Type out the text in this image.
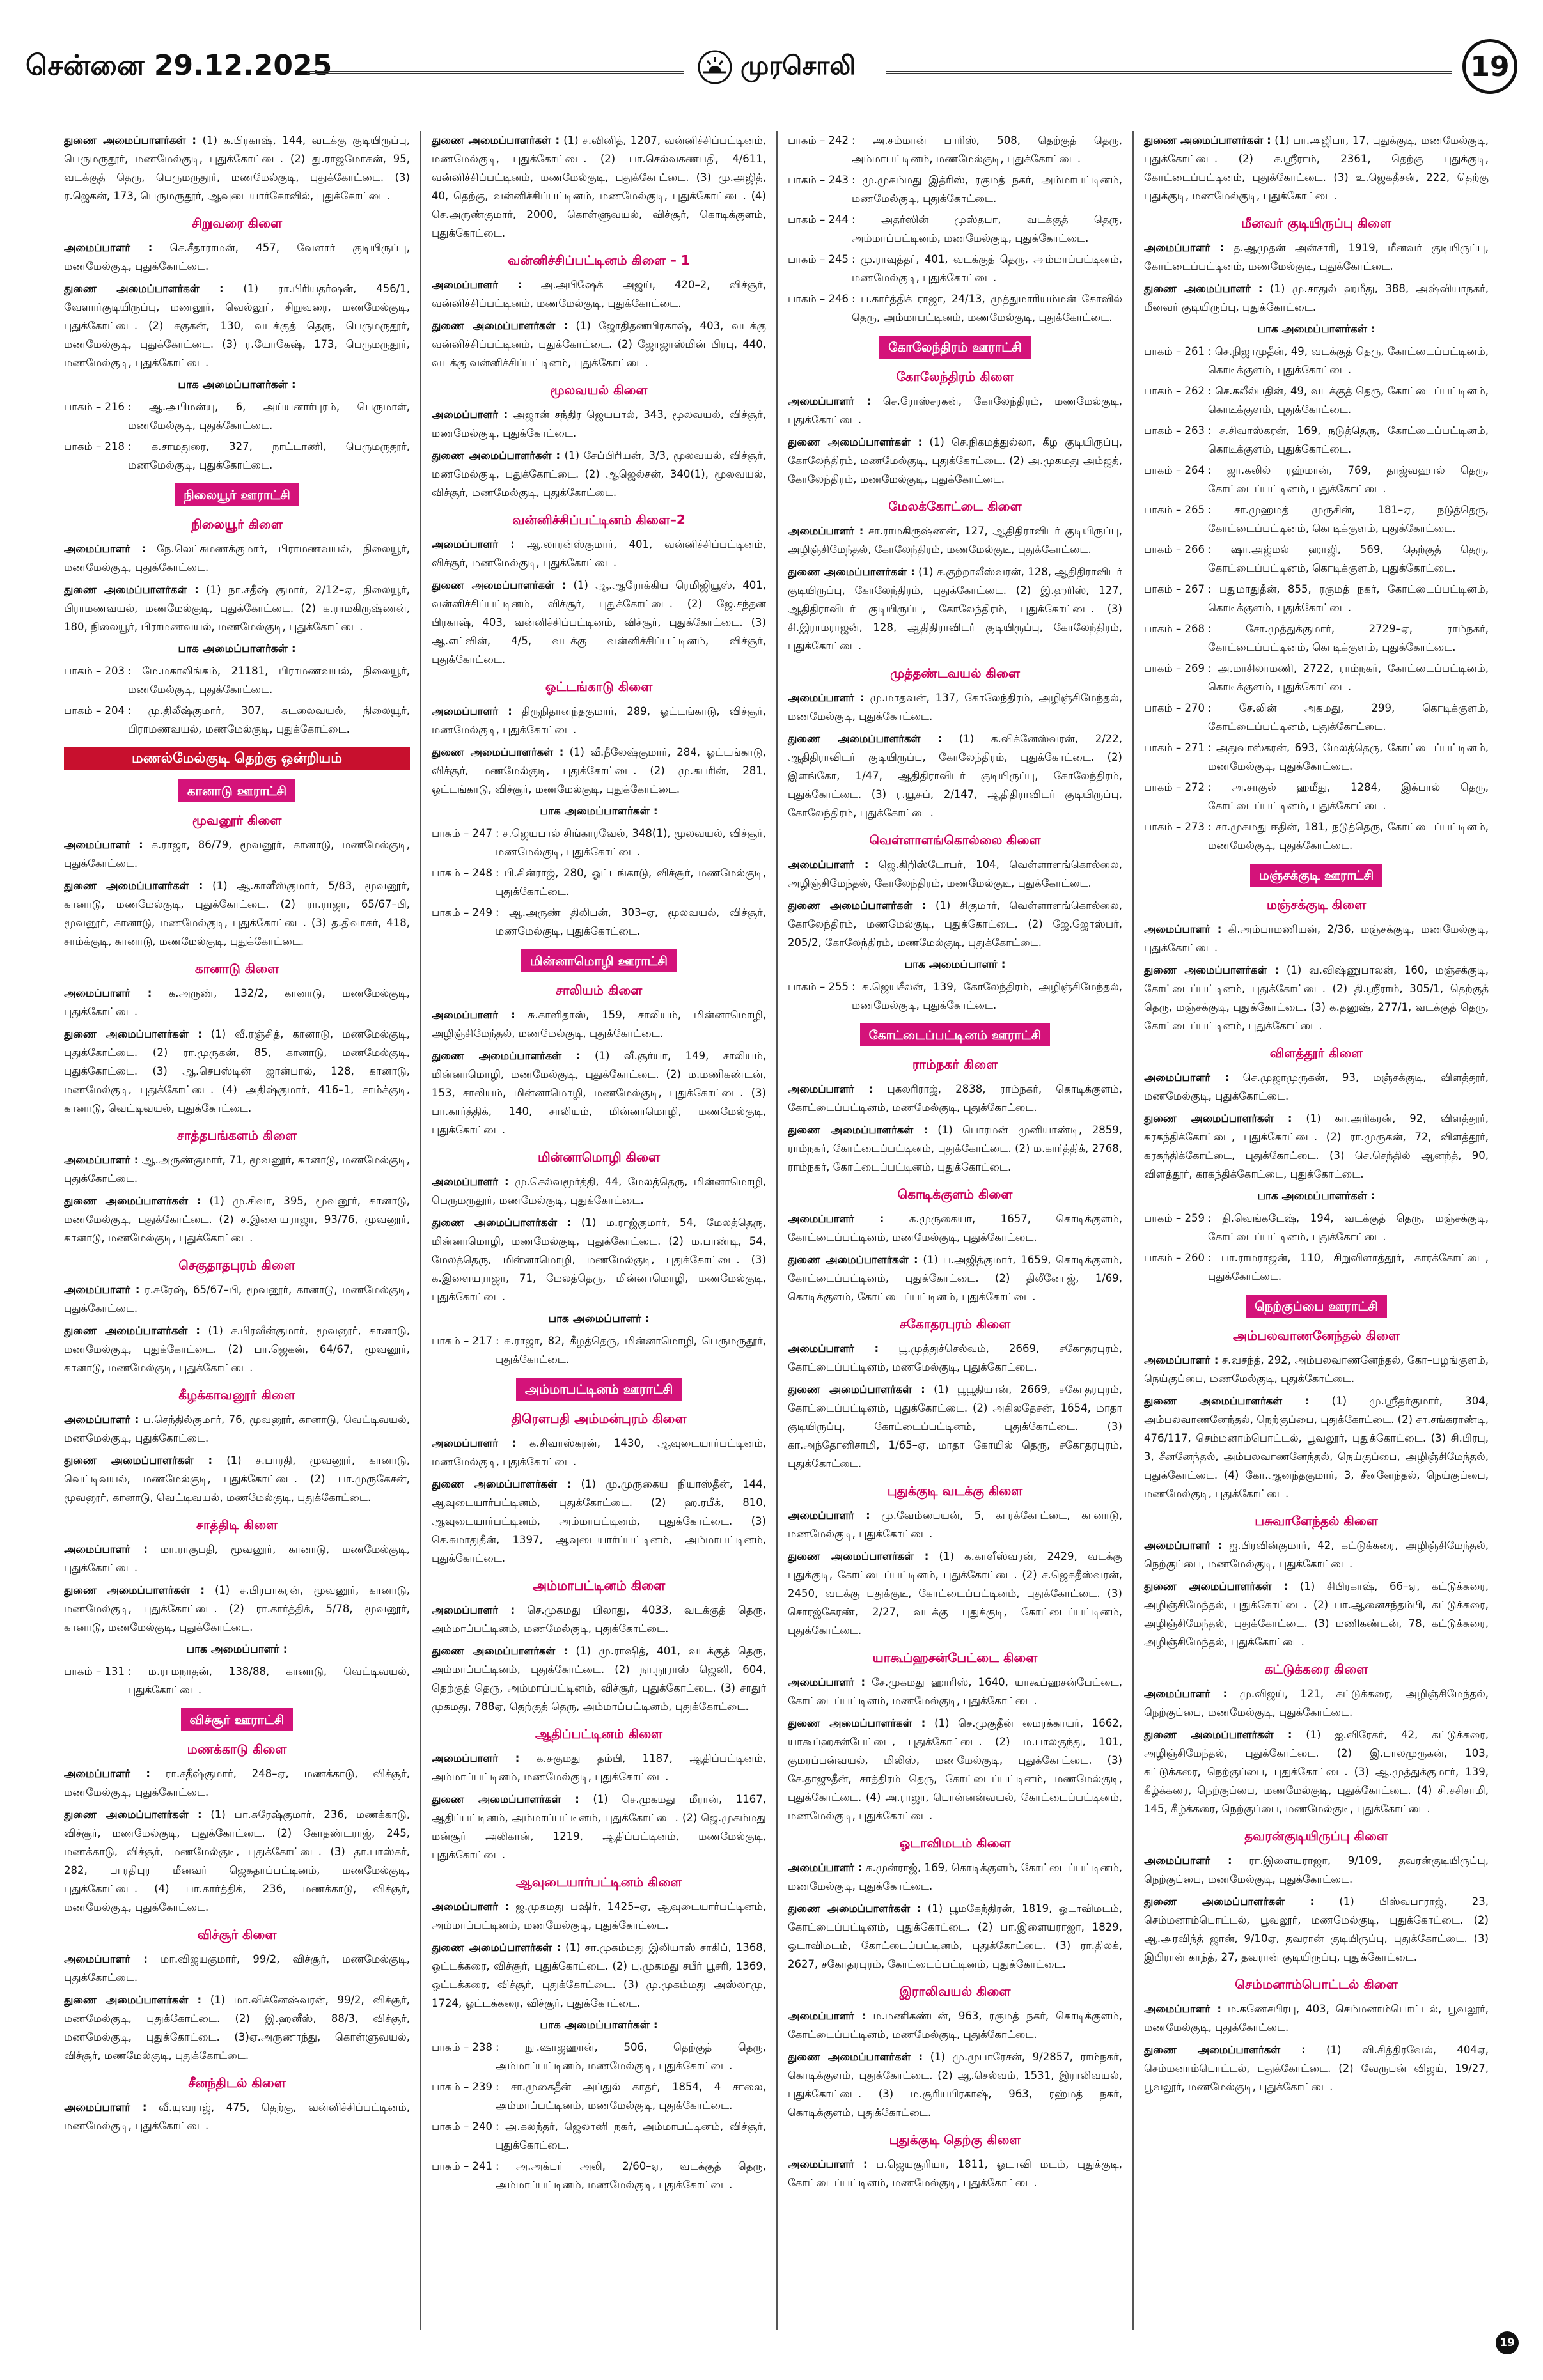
சென்னை 29.12.2025	முரசொலி	19
துணை அமைப்பாளர்கள் : (1) க.பிரகாஷ், 144, வடக்கு குடியிருப்பு, பெருமருதூர், மணமேல்குடி, புதுக்கோட்டை. (2) து.ராஜமோகன், 95, வடக்குத் தெரு, பெருமருதூர், மணமேல்குடி, புதுக்கோட்டை. (3) ர.ஜெகன், 173, பெருமருதூர், ஆவுடையார்கோவில், புதுக்கோட்டை.
சிறுவரை கிளை
அமைப்பாளர் : செ.சீதாராமன், 457, வேளார் குடியிருப்பு, மணமேல்குடி, புதுக்கோட்டை.
துணை அமைப்பாளர்கள் : (1) ரா.பிரியதர்ஷன், 456/1, வேளார்குடியிருப்பு, மணலூர், வெல்லூர், சிறுவரை, மணமேல்குடி, புதுக்கோட்டை. (2) சகுகன், 130, வடக்குத் தெரு, பெருமருதூர், மணமேல்குடி, புதுக்கோட்டை. (3) ர.யோகேஷ், 173, பெருமருதூர், மணமேல்குடி, புதுக்கோட்டை.
பாக அமைப்பாளர்கள் :
பாகம் – 216 : ஆ.அபிமன்யு, 6, அய்யனார்புரம், பெருமாள், மணமேல்குடி, புதுக்கோட்டை.
பாகம் – 218 : க.சாமதுரை, 327, நாட்டாணி, பெருமருதூர், மணமேல்குடி, புதுக்கோட்டை.
நிலையூர் ஊராட்சி
நிலையூர் கிளை
அமைப்பாளர் : நே.லெட்சுமணக்குமார், பிராமணவயல், நிலையூர், மணமேல்குடி, புதுக்கோட்டை.
துணை அமைப்பாளர்கள் : (1) நா.சதீஷ் குமார், 2/12–ஏ, நிலையூர், பிராமணவயல், மணமேல்குடி, புதுக்கோட்டை. (2) க.ராமகிருஷ்ணன், 180, நிலையூர், பிராமணவயல், மணமேல்குடி, புதுக்கோட்டை.
பாக அமைப்பாளர்கள் :
பாகம் – 203 : மே.மகாலிங்கம், 21181, பிராமணவயல், நிலையூர், மணமேல்குடி, புதுக்கோட்டை.
பாகம் – 204 : மு.திலீஷ்குமார், 307, சுடலைவயல், நிலையூர், பிராமணவயல், மணமேல்குடி, புதுக்கோட்டை.
மணல்மேல்குடி தெற்கு ஒன்றியம்
கானாடு ஊராட்சி
மூவனூர் கிளை
அமைப்பாளர் : க.ராஜா, 86/79, மூவனூர், கானாடு, மணமேல்குடி, புதுக்கோட்டை.
துணை அமைப்பாளர்கள் : (1) ஆ.காளீஸ்குமார், 5/83, மூவனூர், கானாடு, மணமேல்குடி, புதுக்கோட்டை. (2) ரா.ராஜா, 65/67–பி, மூவனூர், கானாடு, மணமேல்குடி, புதுக்கோட்டை. (3) த.திவாகர், 418, சாம்க்குடி, கானாடு, மணமேல்குடி, புதுக்கோட்டை.
கானாடு கிளை
அமைப்பாளர் : க.அருண், 132/2, கானாடு, மணமேல்குடி, புதுக்கோட்டை.
துணை அமைப்பாளர்கள் : (1) வீ.ரஞ்சித், கானாடு, மணமேல்குடி, புதுக்கோட்டை. (2) ரா.முருகன், 85, கானாடு, மணமேல்குடி, புதுக்கோட்டை. (3) ஆ.செபஸ்டின் ஜான்பால், 128, கானாடு, மணமேல்குடி, புதுக்கோட்டை. (4) அதிஷ்குமார், 416–1, சாம்க்குடி, கானாடு, வெட்டிவயல், புதுக்கோட்டை.
சாத்தபங்களம் கிளை
அமைப்பாளர் : ஆ.அருண்குமார், 71, மூவனூர், கானாடு, மணமேல்குடி, புதுக்கோட்டை.
துணை அமைப்பாளர்கள் : (1) மு.சிவா, 395, மூவனூர், கானாடு, மணமேல்குடி, புதுக்கோட்டை. (2) ச.இளையராஜா, 93/76, மூவனூர், கானாடு, மணமேல்குடி, புதுக்கோட்டை.
செகுதாதபுரம் கிளை
அமைப்பாளர் : ர.சுரேஷ், 65/67–பி, மூவனூர், கானாடு, மணமேல்குடி, புதுக்கோட்டை.
துணை அமைப்பாளர்கள் : (1) ச.பிரவீன்குமார், மூவனூர், கானாடு, மணமேல்குடி, புதுக்கோட்டை. (2) பா.ஜெகன், 64/67, மூவனூர், கானாடு, மணமேல்குடி, புதுக்கோட்டை.
கீழக்காவனூர் கிளை
அமைப்பாளர் : ப.செந்தில்குமார், 76, மூவனூர், கானாடு, வெட்டிவயல், மணமேல்குடி, புதுக்கோட்டை.
துணை அமைப்பாளர்கள் : (1) ச.பாரதி, மூவனூர், கானாடு, வெட்டிவயல், மணமேல்குடி, புதுக்கோட்டை. (2) பா.முருகேசன், மூவனூர், கானாடு, வெட்டிவயல், மணமேல்குடி, புதுக்கோட்டை.
சாத்திடி கிளை
அமைப்பாளர் : மா.ராகுபதி, மூவனூர், கானாடு, மணமேல்குடி, புதுக்கோட்டை.
துணை அமைப்பாளர்கள் : (1) ச.பிரபாகரன், மூவனூர், கானாடு, மணமேல்குடி, புதுக்கோட்டை. (2) ரா.கார்த்திக், 5/78, மூவனூர், கானாடு, மணமேல்குடி, புதுக்கோட்டை.
பாக அமைப்பாளர் :
பாகம் – 131 : ம.ராமநாதன், 138/88, கானாடு, வெட்டிவயல், புதுக்கோட்டை.
விச்சூர் ஊராட்சி
மணக்காடு கிளை
அமைப்பாளர் : ரா.சதீஷ்குமார், 248–ஏ, மணக்காடு, விச்சூர், மணமேல்குடி, புதுக்கோட்டை.
துணை அமைப்பாளர்கள் : (1) பா.சுரேஷ்குமார், 236, மணக்காடு, விச்சூர், மணமேல்குடி, புதுக்கோட்டை. (2) கோதண்டராஜ், 245, மணக்காடு, விச்சூர், மணமேல்குடி, புதுக்கோட்டை. (3) தா.பாஸ்கர், 282, பாரதிபுர மீனவர் ஜெகதாப்பட்டினம், மணமேல்குடி, புதுக்கோட்டை. (4) பா.கார்த்திக், 236, மணக்காடு, விச்சூர், மணமேல்குடி, புதுக்கோட்டை.
விச்சூர் கிளை
அமைப்பாளர் : மா.விஜயகுமார், 99/2, விச்சூர், மணமேல்குடி, புதுக்கோட்டை.
துணை அமைப்பாளர்கள் : (1) மா.விக்னேஷ்வரன், 99/2, விச்சூர், மணமேல்குடி, புதுக்கோட்டை. (2) இ.ஹனீஸ், 88/3, விச்சூர், மணமேல்குடி, புதுக்கோட்டை. (3)ஏ.அருணாந்து, கொள்ளுவயல், விச்சூர், மணமேல்குடி, புதுக்கோட்டை.
சீனந்திடல் கிளை
அமைப்பாளர் : வீ.யுவராஜ், 475, தெற்கு, வன்னிச்சிப்பட்டினம், மணமேல்குடி, புதுக்கோட்டை.
துணை அமைப்பாளர்கள் : (1) ச.வினித், 1207, வன்னிச்சிப்பட்டினம், மணமேல்குடி, புதுக்கோட்டை. (2) பா.செல்வகணபதி, 4/611, வன்னிச்சிப்பட்டினம், மணமேல்குடி, புதுக்கோட்டை. (3) மு.அஜித், 40, தெற்கு, வன்னிச்சிப்பட்டினம், மணமேல்குடி, புதுக்கோட்டை. (4) செ.அருண்குமார், 2000, கொள்ளுவயல், விச்சூர், கொடிக்குளம், புதுக்கோட்டை.
வன்னிச்சிப்பட்டினம் கிளை – 1
அமைப்பாளர் : அ.அபிஷேக் அஜய், 420–2, விச்சூர், வன்னிச்சிப்பட்டினம், மணமேல்குடி, புதுக்கோட்டை.
துணை அமைப்பாளர்கள் : (1) ஜோதிதணபிரகாஷ், 403, வடக்கு வன்னிச்சிப்பட்டினம், புதுக்கோட்டை. (2) ஜோஜாஸ்மின் பிரபு, 440, வடக்கு வன்னிச்சிப்பட்டினம், புதுக்கோட்டை.
மூலவயல் கிளை
அமைப்பாளர் : அஜான் சந்திர ஜெயபால், 343, மூலவயல், விச்சூர், மணமேல்குடி, புதுக்கோட்டை.
துணை அமைப்பாளர்கள் : (1) சேப்பிரியன், 3/3, மூலவயல், விச்சூர், மணமேல்குடி, புதுக்கோட்டை. (2) ஆஜெல்சன், 340(1), மூலவயல், விச்சூர், மணமேல்குடி, புதுக்கோட்டை.
வன்னிச்சிப்பட்டினம் கிளை–2
அமைப்பாளர் : ஆ.லாரன்ஸ்குமார், 401, வன்னிச்சிப்பட்டினம், விச்சூர், மணமேல்குடி, புதுக்கோட்டை.
துணை அமைப்பாளர்கள் : (1) ஆ.ஆரோக்கிய ரெமிஜியூஸ், 401, வன்னிச்சிப்பட்டினம், விச்சூர், புதுக்கோட்டை. (2) ஜே.சந்தன பிரகாஷ், 403, வன்னிச்சிப்பட்டினம், விச்சூர், புதுக்கோட்டை. (3) ஆ.எட்வின், 4/5, வடக்கு வன்னிச்சிப்பட்டினம், விச்சூர், புதுக்கோட்டை.
ஓட்டங்காடு கிளை
அமைப்பாளர் : திருநிதானந்தகுமார், 289, ஓட்டங்காடு, விச்சூர், மணமேல்குடி, புதுக்கோட்டை.
துணை அமைப்பாளர்கள் : (1) வீ.நீலேஷ்குமார், 284, ஓட்டங்காடு, விச்சூர், மணமேல்குடி, புதுக்கோட்டை. (2) மு.சுபரின், 281, ஓட்டங்காடு, விச்சூர், மணமேல்குடி, புதுக்கோட்டை.
பாக அமைப்பாளர்கள் :
பாகம் – 247 : ச.ஜெயபால் சிங்காரவேல், 348(1), மூலவயல், விச்சூர், மணமேல்குடி, புதுக்கோட்டை.
பாகம் – 248 : பி.சின்ராஜ், 280, ஓட்டங்காடு, விச்சூர், மணமேல்குடி, புதுக்கோட்டை.
பாகம் – 249 : ஆ.அருண் திலிபன், 303–ஏ, மூலவயல், விச்சூர், மணமேல்குடி, புதுக்கோட்டை.
மின்னாமொழி ஊராட்சி
சாலியம் கிளை
அமைப்பாளர் : சு.காளிதாஸ், 159, சாலியம், மின்னாமொழி, அழிஞ்சிமேந்தல், மணமேல்குடி, புதுக்கோட்டை.
துணை அமைப்பாளர்கள் : (1) வீ.சூர்யா, 149, சாலியம், மின்னாமொழி, மணமேல்குடி, புதுக்கோட்டை. (2) ம.மணிகண்டன், 153, சாலியம், மின்னாமொழி, மணமேல்குடி, புதுக்கோட்டை. (3) பா.கார்த்திக், 140, சாலியம், மின்னாமொழி, மணமேல்குடி, புதுக்கோட்டை.
மின்னாமொழி கிளை
அமைப்பாளர் : மு.செல்வமூர்த்தி, 44, மேலத்தெரு, மின்னாமொழி, பெருமருதூர், மணமேல்குடி, புதுக்கோட்டை.
துணை அமைப்பாளர்கள் : (1) ம.ராஜ்குமார், 54, மேலத்தெரு, மின்னாமொழி, மணமேல்குடி, புதுக்கோட்டை. (2) ம.பாண்டி, 54, மேலத்தெரு, மின்னாமொழி, மணமேல்குடி, புதுக்கோட்டை. (3) க.இளையராஜா, 71, மேலத்தெரு, மின்னாமொழி, மணமேல்குடி, புதுக்கோட்டை.
பாக அமைப்பாளர் :
பாகம் – 217 : க.ராஜா, 82, கீழத்தெரு, மின்னாமொழி, பெருமருதூர், புதுக்கோட்டை.
அம்மாபட்டினம் ஊராட்சி
திரௌபதி அம்மன்புரம் கிளை
அமைப்பாளர் : க.சிவாஸ்கரன், 1430, ஆவுடையார்பட்டினம், மணமேல்குடி, புதுக்கோட்டை.
துணை அமைப்பாளர்கள் : (1) மு.முருகைய நியாஸ்தீன், 144, ஆவுடையார்பட்டினம், புதுக்கோட்டை. (2) ஹ.ரபீக், 810, ஆவுடையார்பட்டினம், அம்மாபட்டினம், புதுக்கோட்டை. (3) செ.சுமாதுதீன், 1397, ஆவுடையார்ப்பட்டினம், அம்மாபட்டினம், புதுக்கோட்டை.
அம்மாபட்டினம் கிளை
அமைப்பாளர் : செ.முகமது பிலாது, 4033, வடக்குத் தெரு, அம்மாப்பட்டினம், மணமேல்குடி, புதுக்கோட்டை.
துணை அமைப்பாளர்கள் : (1) மு.ராஷித், 401, வடக்குத் தெரு, அம்மாப்பட்டினம், புதுக்கோட்டை. (2) நா.நூராஸ் ஜெனி, 604, தெற்குத் தெரு, அம்மாப்பட்டினம், விச்சூர், புதுக்கோட்டை. (3) சாதுர் முகமது, 788ஏ, தெற்குத் தெரு, அம்மாப்பட்டினம், புதுக்கோட்டை.
ஆதிப்பட்டினம் கிளை
அமைப்பாளர் : க.சுகுமது தம்பி, 1187, ஆதிப்பட்டினம், அம்மாப்பட்டினம், மணமேல்குடி, புதுக்கோட்டை.
துணை அமைப்பாளர்கள் : (1) செ.முகமது மீரான், 1167, ஆதிப்பட்டினம், அம்மாப்பட்டினம், புதுக்கோட்டை. (2) ஜெ.முகம்மது மன்சூர் அலிகான், 1219, ஆதிப்பட்டினம், மணமேல்குடி, புதுக்கோட்டை.
ஆவுடையார்பட்டினம் கிளை
அமைப்பாளர் : ஜ.முகமது பஷிர், 1425–ஏ, ஆவுடையார்பட்டினம், அம்மாப்பட்டினம், மணமேல்குடி, புதுக்கோட்டை.
துணை அமைப்பாளர்கள் : (1) சா.முகம்மது இலியாஸ் சாகிப், 1368, ஓட்டக்கரை, விச்சூர், புதுக்கோட்டை. (2) பு.முகமது சபீர் பூசரி, 1369, ஓட்டக்கரை, விச்சூர், புதுக்கோட்டை. (3) மு.முகம்மது அஸ்லாமு, 1724, ஓட்டக்கரை, விச்சூர், புதுக்கோட்டை.
பாக அமைப்பாளர்கள் :
பாகம் – 238 : நூ.ஷாஜஹான், 506, தெற்குத் தெரு, அம்மாப்பட்டினம், மணமேல்குடி, புதுக்கோட்டை.
பாகம் – 239 : சா.முகைதீன் அப்துல் காதர், 1854, 4 சாலை, அம்மாப்பட்டினம், மணமேல்குடி, புதுக்கோட்டை.
பாகம் – 240 : அ.கலந்தர், ஜெலானி நகர், அம்மாபட்டினம், விச்சூர், புதுக்கோட்டை.
பாகம் – 241 : அ.அக்பர் அலி, 2/60–ஏ, வடக்குத் தெரு, அம்மாப்பட்டினம், மணமேல்குடி, புதுக்கோட்டை.
பாகம் – 242 : அ.சம்மான் பாரிஸ், 508, தெற்குத் தெரு, அம்மாபட்டினம், மணமேல்குடி, புதுக்கோட்டை.
பாகம் – 243 : மு.முகம்மது இத்ரிஸ், ரகுமத் நகர், அம்மாபட்டினம், மணமேல்குடி, புதுக்கோட்டை.
பாகம் – 244 : அதர்ஸின் முஸ்தபா, வடக்குத் தெரு, அம்மாப்பட்டினம், மணமேல்குடி, புதுக்கோட்டை.
பாகம் – 245 : மு.ராவுத்தர், 401, வடக்குத் தெரு, அம்மாப்பட்டினம், மணமேல்குடி, புதுக்கோட்டை.
பாகம் – 246 : ப.கார்த்திக் ராஜா, 24/13, முத்துமாரியம்மன் கோவில் தெரு, அம்மாபட்டினம், மணமேல்குடி, புதுக்கோட்டை.
கோலேந்திரம் ஊராட்சி
கோலேந்திரம் கிளை
அமைப்பாளர் : செ.ரோஸ்சரகன், கோலேந்திரம், மணமேல்குடி, புதுக்கோட்டை.
துணை அமைப்பாளர்கள் : (1) செ.நிகமத்துல்லா, கீழ குடியிருப்பு, கோலேந்திரம், மணமேல்குடி, புதுக்கோட்டை. (2) அ.முகமது அம்ஜத், கோலேந்திரம், மணமேல்குடி, புதுக்கோட்டை.
மேலக்கோட்டை கிளை
அமைப்பாளர் : சா.ராமகிருஷ்ணன், 127, ஆதிதிராவிடர் குடியிருப்பு, அழிஞ்சிமேந்தல், கோலேந்திரம், மணமேல்குடி, புதுக்கோட்டை.
துணை அமைப்பாளர்கள் : (1) ச.குற்றாலீஸ்வரன், 128, ஆதிதிராவிடர் குடியிருப்பு, கோலேந்திரம், புதுக்கோட்டை. (2) இ.ஹரிஸ், 127, ஆதிதிராவிடர் குடியிருப்பு, கோலேந்திரம், புதுக்கோட்டை. (3) சி.இராமராஜன், 128, ஆதிதிராவிடர் குடியிருப்பு, கோலேந்திரம், புதுக்கோட்டை.
முத்தண்டவயல் கிளை
அமைப்பாளர் : மு.மாதவன், 137, கோலேந்திரம், அழிஞ்சிமேந்தல், மணமேல்குடி, புதுக்கோட்டை.
துணை அமைப்பாளர்கள் : (1) க.விக்னேஸ்வரன், 2/22, ஆதிதிராவிடர் குடியிருப்பு, கோலேந்திரம், புதுக்கோட்டை. (2) இளங்கோ, 1/47, ஆதிதிராவிடர் குடியிருப்பு, கோலேந்திரம், புதுக்கோட்டை. (3) ர.யூசுப், 2/147, ஆதிதிராவிடர் குடியிருப்பு, கோலேந்திரம், புதுக்கோட்டை.
வெள்ளாளங்கொல்லை கிளை
அமைப்பாளர் : ஜெ.கிறிஸ்டோபர், 104, வெள்ளாளங்கொல்லை, அழிஞ்சிமேந்தல், கோலேந்திரம், மணமேல்குடி, புதுக்கோட்டை.
துணை அமைப்பாளர்கள் : (1) சிகுமார், வெள்ளாளங்கொல்லை, கோலேந்திரம், மணமேல்குடி, புதுக்கோட்டை. (2) ஜே.ஜோஸ்பர், 205/2, கோலேந்திரம், மணமேல்குடி, புதுக்கோட்டை.
பாக அமைப்பாளர் :
பாகம் – 255 : க.ஜெயசீலன், 139, கோலேந்திரம், அழிஞ்சிமேந்தல், மணமேல்குடி, புதுக்கோட்டை.
கோட்டைப்பட்டினம் ஊராட்சி
ராம்நகர் கிளை
அமைப்பாளர் : புகலரிராஜ், 2838, ராம்நகர், கொடிக்குளம், கோட்டைப்பட்டினம், மணமேல்குடி, புதுக்கோட்டை.
துணை அமைப்பாளர்கள் : (1) பொரமன் முனியாண்டி, 2859, ராம்நகர், கோட்டைப்பட்டினம், புதுக்கோட்டை. (2) ம.கார்த்திக், 2768, ராம்நகர், கோட்டைப்பட்டினம், புதுக்கோட்டை.
கொடிக்குளம் கிளை
அமைப்பாளர் : க.முருகையா, 1657, கொடிக்குளம், கோட்டைப்பட்டினம், மணமேல்குடி, புதுக்கோட்டை.
துணை அமைப்பாளர்கள் : (1) ப.அஜித்குமார், 1659, கொடிக்குளம், கோட்டைப்பட்டினம், புதுக்கோட்டை. (2) திலீனோஜ், 1/69, கொடிக்குளம், கோட்டைப்பட்டினம், புதுக்கோட்டை.
சகோதரபுரம் கிளை
அமைப்பாளர் : பூ.முத்துச்செல்வம், 2669, சகோதரபுரம், கோட்டைப்பட்டினம், மணமேல்குடி, புதுக்கோட்டை.
துணை அமைப்பாளர்கள் : (1) பூபூதியான், 2669, சகோதரபுரம், கோட்டைப்பட்டினம், புதுக்கோட்டை. (2) அகிலதேசன், 1654, மாதா குடியிருப்பு, கோட்டைப்பட்டினம், புதுக்கோட்டை. (3) கா.அந்தோனிசாமி, 1/65–ஏ, மாதா கோயில் தெரு, சகோதரபுரம், புதுக்கோட்டை.
புதுக்குடி வடக்கு கிளை
அமைப்பாளர் : மு.வேம்பையன், 5, காரக்கோட்டை, கானாடு, மணமேல்குடி, புதுக்கோட்டை.
துணை அமைப்பாளர்கள் : (1) க.காளீஸ்வரன், 2429, வடக்கு புதுக்குடி, கோட்டைப்பட்டினம், புதுக்கோட்டை. (2) ச.ஜெகதீஸ்வரன், 2450, வடக்கு புதுக்குடி, கோட்டைப்பட்டினம், புதுக்கோட்டை. (3) சொரஜ்கேரண், 2/27, வடக்கு புதுக்குடி, கோட்டைப்பட்டினம், புதுக்கோட்டை.
யாகூப்ஹசன்பேட்டை கிளை
அமைப்பாளர் : சே.முகமது ஹாரிஸ், 1640, யாகூப்ஹசன்பேட்டை, கோட்டைப்பட்டினம், மணமேல்குடி, புதுக்கோட்டை.
துணை அமைப்பாளர்கள் : (1) செ.முகுதீன் மைரக்காயர், 1662, யாகூப்ஹசன்பேட்டை, புதுக்கோட்டை. (2) ம.பாலகுந்து, 101, குமரப்பன்வயல், மிலிஸ், மணமேல்குடி, புதுக்கோட்டை. (3) சே.தாஜுதீன், சாத்திரம் தெரு, கோட்டைப்பட்டினம், மணமேல்குடி, புதுக்கோட்டை. (4) அ.ராஜா, பொன்னன்வயல், கோட்டைப்பட்டினம், மணமேல்குடி, புதுக்கோட்டை.
ஓடாவிமடம் கிளை
அமைப்பாளர் : க.முன்ராஜ், 169, கொடிக்குளம், கோட்டைப்பட்டினம், மணமேல்குடி, புதுக்கோட்டை.
துணை அமைப்பாளர்கள் : (1) பூமகேந்திரன், 1819, ஓடாவிமடம், கோட்டைப்பட்டினம், புதுக்கோட்டை. (2) பா.இளையராஜா, 1829, ஓடாவிமடம், கோட்டைப்பட்டினம், புதுக்கோட்டை. (3) ரா.திலக், 2627, சகோதரபுரம், கோட்டைப்பட்டினம், புதுக்கோட்டை.
இராலிவயல் கிளை
அமைப்பாளர் : ம.மணிகண்டன், 963, ரகுமத் நகர், கொடிக்குளம், கோட்டைப்பட்டினம், மணமேல்குடி, புதுக்கோட்டை.
துணை அமைப்பாளர்கள் : (1) மு.முபாரேசன், 9/2857, ராம்நகர், கொடிக்குளம், புதுக்கோட்டை. (2) ஆ.செல்வம், 1531, இராலிவயல், புதுக்கோட்டை. (3) ம.சூரியபிரகாஷ், 963, ரஹ்மத் நகர், கொடிக்குளம், புதுக்கோட்டை.
புதுக்குடி தெற்கு கிளை
அமைப்பாளர் : ப.ஜெயசூரியா, 1811, ஓடாவி மடம், புதுக்குடி, கோட்டைப்பட்டினம், மணமேல்குடி, புதுக்கோட்டை.
துணை அமைப்பாளர்கள் : (1) பா.அஜிபா, 17, புதுக்குடி, மணமேல்குடி, புதுக்கோட்டை. (2) ச.ஸ்ரீராம், 2361, தெற்கு புதுக்குடி, கோட்டைப்பட்டினம், புதுக்கோட்டை. (3) உ.ஜெகதீசன், 222, தெற்கு புதுக்குடி, மணமேல்குடி, புதுக்கோட்டை.
மீனவர் குடியிருப்பு கிளை
அமைப்பாளர் : த.ஆமுதன் அன்சாரி, 1919, மீனவர் குடியிருப்பு, கோட்டைப்பட்டினம், மணமேல்குடி, புதுக்கோட்டை.
துணை அமைப்பாளர் : (1) மு.சாதுல் ஹமீது, 388, அஷ்வியாநகர், மீனவர் குடியிருப்பு, புதுக்கோட்டை.
பாக அமைப்பாளர்கள் :
பாகம் – 261 : செ.நிஜாமுதீன், 49, வடக்குத் தெரு, கோட்டைப்பட்டினம், கொடிக்குளம், புதுக்கோட்டை.
பாகம் – 262 : செ.கலீல்பதின், 49, வடக்குத் தெரு, கோட்டைப்பட்டினம், கொடிக்குளம், புதுக்கோட்டை.
பாகம் – 263 : ச.சிவாஸ்கரன், 169, நடுத்தெரு, கோட்டைப்பட்டினம், கொடிக்குளம், புதுக்கோட்டை.
பாகம் – 264 : ஜா.கலில் ரஹ்மான், 769, தாஜ்வஹால் தெரு, கோட்டைப்பட்டினம், புதுக்கோட்டை.
பாகம் – 265 : சா.முஹமத் முருசின், 181–ஏ, நடுத்தெரு, கோட்டைப்பட்டினம், கொடிக்குளம், புதுக்கோட்டை.
பாகம் – 266 : ஷா.அஜ்மல் ஹாஜி, 569, தெற்குத் தெரு, கோட்டைப்பட்டினம், கொடிக்குளம், புதுக்கோட்டை.
பாகம் – 267 : பதுமாதுதீன், 855, ரகுமத் நகர், கோட்டைப்பட்டினம், கொடிக்குளம், புதுக்கோட்டை.
பாகம் – 268 : சோ.முத்துக்குமார், 2729–ஏ, ராம்நகர், கோட்டைப்பட்டினம், கொடிக்குளம், புதுக்கோட்டை.
பாகம் – 269 : அ.மாசிலாமணி, 2722, ராம்நகர், கோட்டைப்பட்டினம், கொடிக்குளம், புதுக்கோட்டை.
பாகம் – 270 : சே.லின் அகமது, 299, கொடிக்குளம், கோட்டைப்பட்டினம், புதுக்கோட்டை.
பாகம் – 271 : அதுவாஸ்கரன், 693, மேலத்தெரு, கோட்டைப்பட்டினம், மணமேல்குடி, புதுக்கோட்டை.
பாகம் – 272 : அ.சாகுல் ஹமீது, 1284, இக்பால் தெரு, கோட்டைப்பட்டினம், புதுக்கோட்டை.
பாகம் – 273 : சா.முகமது ஈதின், 181, நடுத்தெரு, கோட்டைப்பட்டினம், மணமேல்குடி, புதுக்கோட்டை.
மஞ்சக்குடி ஊராட்சி
மஞ்சக்குடி கிளை
அமைப்பாளர் : கி.அம்பாமணியன், 2/36, மஞ்சக்குடி, மணமேல்குடி, புதுக்கோட்டை.
துணை அமைப்பாளர்கள் : (1) வ.விஷ்ணுபாலன், 160, மஞ்சக்குடி, கோட்டைப்பட்டினம், புதுக்கோட்டை. (2) தி.ஸ்ரீராம், 305/1, தெற்குத் தெரு, மஞ்சக்குடி, புதுக்கோட்டை. (3) க.தனுஷ், 277/1, வடக்குத் தெரு, கோட்டைப்பட்டினம், புதுக்கோட்டை.
விளத்தூர் கிளை
அமைப்பாளர் : செ.முஜாமுருகன், 93, மஞ்சக்குடி, விளத்தூர், மணமேல்குடி, புதுக்கோட்டை.
துணை அமைப்பாளர்கள் : (1) கா.அரிகரன், 92, விளத்தூர், கரகந்திக்கோட்டை, புதுக்கோட்டை. (2) ரா.முருகன், 72, விளத்தூர், கரகந்திக்கோட்டை, புதுக்கோட்டை. (3) செ.செந்தில் ஆனந்த், 90, விளத்தூர், கரகந்திக்கோட்டை, புதுக்கோட்டை.
பாக அமைப்பாளர்கள் :
பாகம் – 259 : தி.வெங்கடேஷ், 194, வடக்குத் தெரு, மஞ்சக்குடி, கோட்டைப்பட்டினம், புதுக்கோட்டை.
பாகம் – 260 : பா.ராமராஜன், 110, சிறுவிளாத்தூர், காரக்கோட்டை, புதுக்கோட்டை.
நெற்குப்பை ஊராட்சி
அம்பலவாணனேந்தல் கிளை
அமைப்பாளர் : ச.வசந்த், 292, அம்பலவாணனேந்தல், கோ–பழங்குளம், நெய்குப்பை, மணமேல்குடி, புதுக்கோட்டை.
துணை அமைப்பாளர்கள் : (1) மு.ஸ்ரீதர்குமார், 304, அம்பலவாணனேந்தல், நெற்குப்பை, புதுக்கோட்டை. (2) சா.சங்கராண்டி, 476/117, செம்மனாம்பொட்டல், பூவலூர், புதுக்கோட்டை. (3) சி.பிரபு, 3, சீனனேந்தல், அம்பலவாணனேந்தல், நெய்குப்பை, அழிஞ்சிமேந்தல், புதுக்கோட்டை. (4) கோ.ஆனந்தகுமார், 3, சீனனேந்தல், நெய்குப்பை, மணமேல்குடி, புதுக்கோட்டை.
பசுவாளேந்தல் கிளை
அமைப்பாளர் : ஐ.பிரவின்குமார், 42, கட்டுக்கரை, அழிஞ்சிமேந்தல், நெற்குப்பை, மணமேல்குடி, புதுக்கோட்டை.
துணை அமைப்பாளர்கள் : (1) சிபிரகாஷ், 66–ஏ, கட்டுக்கரை, அழிஞ்சிமேந்தல், புதுக்கோட்டை. (2) பா.ஆனைசந்தம்பி, கட்டுக்கரை, அழிஞ்சிமேந்தல், புதுக்கோட்டை. (3) மணிகண்டன், 78, கட்டுக்கரை, அழிஞ்சிமேந்தல், புதுக்கோட்டை.
கட்டுக்கரை கிளை
அமைப்பாளர் : மு.விஜய், 121, கட்டுக்கரை, அழிஞ்சிமேந்தல், நெற்குப்பை, மணமேல்குடி, புதுக்கோட்டை.
துணை அமைப்பாளர்கள் : (1) ஐ.விரேகர், 42, கட்டுக்கரை, அழிஞ்சிமேந்தல், புதுக்கோட்டை. (2) இ.பாலமுருகன், 103, கட்டுக்கரை, நெற்குப்பை, புதுக்கோட்டை. (3) ஆ.முத்துக்குமார், 139, கீழ்க்கரை, நெற்குப்பை, மணமேல்குடி, புதுக்கோட்டை. (4) சி.சசிசாமி, 145, கீழ்க்கரை, நெற்குப்பை, மணமேல்குடி, புதுக்கோட்டை.
தவரன்குடியிருப்பு கிளை
அமைப்பாளர் : ரா.இளையராஜா, 9/109, தவரன்குடியிருப்பு, நெற்குப்பை, மணமேல்குடி, புதுக்கோட்டை.
துணை அமைப்பாளர்கள் : (1) பிஸ்வபாராஜ், 23, செம்மனாம்பொட்டல், பூவலூர், மணமேல்குடி, புதுக்கோட்டை. (2) ஆ.அரவிந்த் ஜான், 9/10ஏ, தவரான் குடியிருப்பு, புதுக்கோட்டை. (3) இபிரான் காந்த், 27, தவரான் குடியிருப்பு, புதுக்கோட்டை.
செம்மனாம்பொட்டல் கிளை
அமைப்பாளர் : ம.கணேசபிரபு, 403, செம்மனாம்பொட்டல், பூவலூர், மணமேல்குடி, புதுக்கோட்டை.
துணை அமைப்பாளர்கள் : (1) வி.சித்திரவேல், 404ஏ, செம்மனாம்பொட்டல், புதுக்கோட்டை. (2) வேருபன் விஜய், 19/27, பூவலூர், மணமேல்குடி, புதுக்கோட்டை.
19
